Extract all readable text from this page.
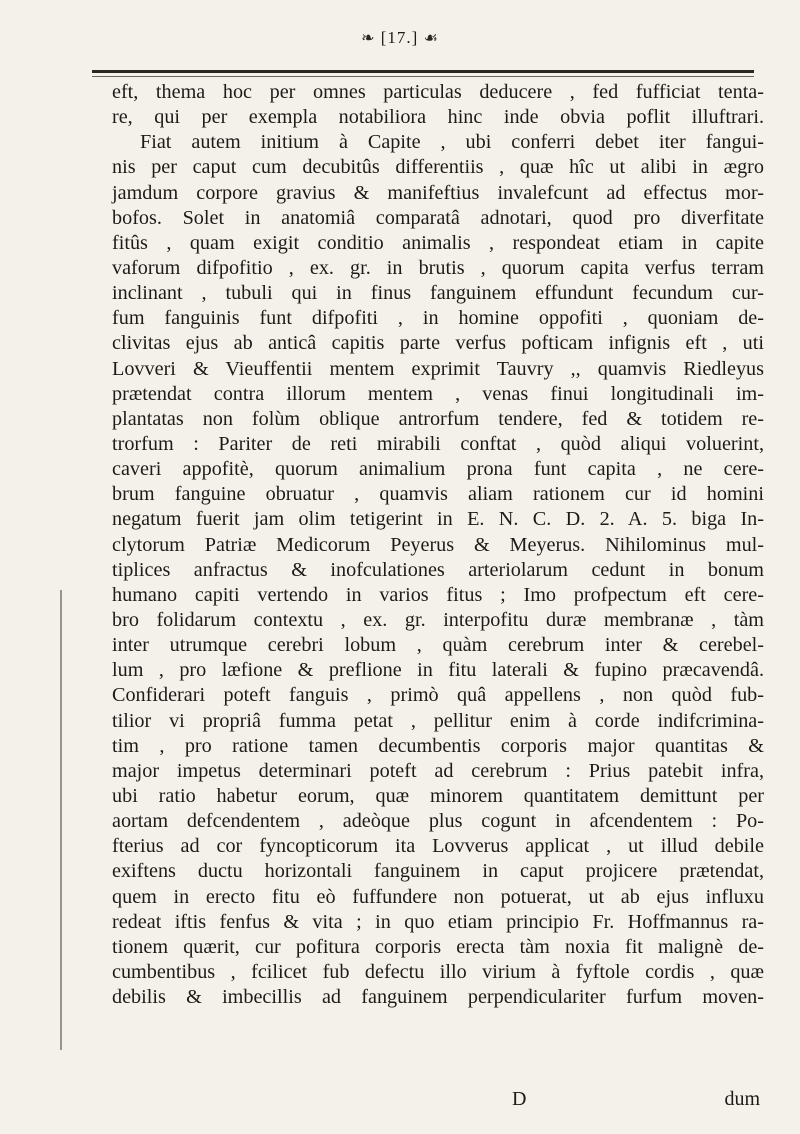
❧ [17.] ☙
eft, thema hoc per omnes particulas deducere , fed fufficiat tenta-
re, qui per exempla notabiliora hinc inde obvia poflit illuftrari.
Fiat autem initium à Capite , ubi conferri debet iter fangui-
nis per caput cum decubitûs differentiis , quæ hîc ut alibi in ægro
jamdum corpore gravius & manifeftius invalefcunt ad effectus mor-
bofos. Solet in anatomiâ comparatâ adnotari, quod pro diverfitate
fitûs , quam exigit conditio animalis , respondeat etiam in capite
vaforum difpofitio , ex. gr. in brutis , quorum capita verfus terram
inclinant , tubuli qui in finus fanguinem effundunt fecundum cur-
fum fanguinis funt difpofiti , in homine oppofiti , quoniam de-
clivitas ejus ab anticâ capitis parte verfus pofticam infignis eft , uti
Lovveri & Vieuffentii mentem exprimit Tauvry ,, quamvis Riedleyus
prætendat contra illorum mentem , venas finui longitudinali im-
plantatas non folùm oblique antrorfum tendere, fed & totidem re-
trorfum : Pariter de reti mirabili conftat , quòd aliqui voluerint,
caveri appofitè, quorum animalium prona funt capita , ne cere-
brum fanguine obruatur , quamvis aliam rationem cur id homini
negatum fuerit jam olim tetigerint in E. N. C. D. 2. A. 5. biga In-
clytorum Patriæ Medicorum Peyerus & Meyerus. Nihilominus mul-
tiplices anfractus & inofculationes arteriolarum cedunt in bonum
humano capiti vertendo in varios fitus ; Imo profpectum eft cere-
bro folidarum contextu , ex. gr. interpofitu duræ membranæ , tàm
inter utrumque cerebri lobum , quàm cerebrum inter & cerebel-
lum , pro læfione & preflione in fitu laterali & fupino præcavendâ.
Confiderari poteft fanguis , primò quâ appellens , non quòd fub-
tilior vi propriâ fumma petat , pellitur enim à corde indifcrimina-
tim , pro ratione tamen decumbentis corporis major quantitas &
major impetus determinari poteft ad cerebrum : Prius patebit infra,
ubi ratio habetur eorum, quæ minorem quantitatem demittunt per
aortam defcendentem , adeòque plus cogunt in afcendentem : Po-
fterius ad cor fyncopticorum ita Lovverus applicat , ut illud debile
exiftens ductu horizontali fanguinem in caput projicere prætendat,
quem in erecto fitu eò fuffundere non potuerat, ut ab ejus influxu
redeat iftis fenfus & vita ; in quo etiam principio Fr. Hoffmannus ra-
tionem quærit, cur pofitura corporis erecta tàm noxia fit malignè de-
cumbentibus , fcilicet fub defectu illo virium à fyftole cordis , quæ
debilis & imbecillis ad fanguinem perpendiculariter furfum moven-
D	dum
